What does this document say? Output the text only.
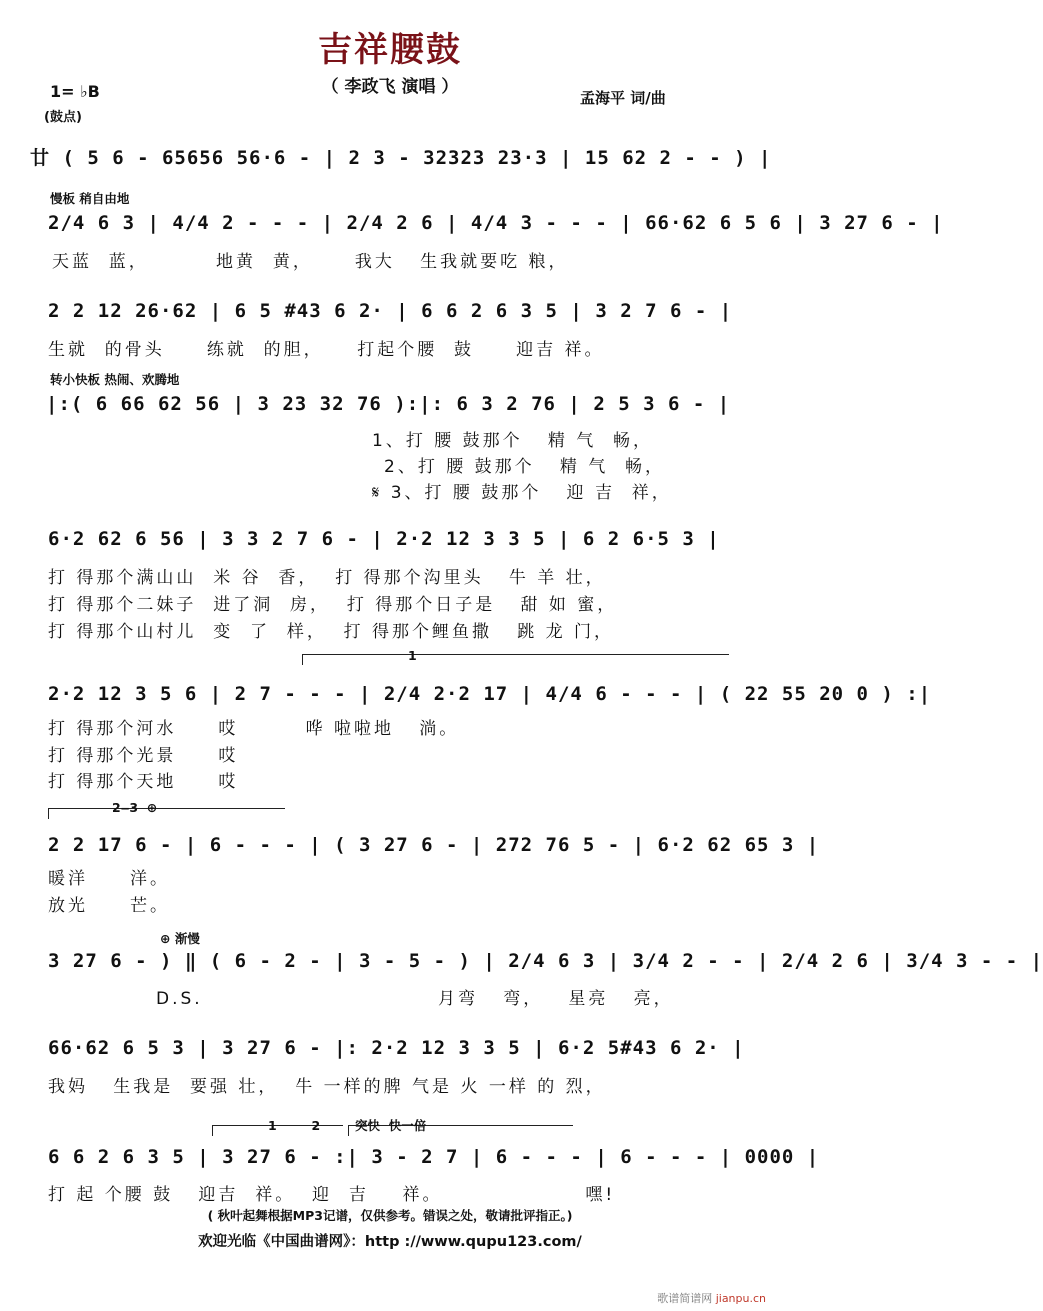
吉祥腰鼓
（ 李政飞 演唱 ）
1= ♭B
(鼓点)
孟海平 词/曲
廿 ( 5 6 - 65656 56·6 - | 2 3 - 32323 23·3 | 15 62 2 - - ) |
慢板 稍自由地
2/4 6 3 | 4/4 2 - - - | 2/4 2 6 | 4/4 3 - - - | 66·62 6 5 6 | 3 27 6 - |
天蓝  蓝，        地黄  黄，     我大   生我就要吃 粮，
2 2 12 26·62 | 6 5 #43 6 2· | 6 6 2 6 3 5 | 3 2 7 6 - |
生就  的骨头     练就  的胆，    打起个腰  鼓     迎吉 祥。
转小快板 热闹、欢腾地
|:( 6 66 62 56 | 3 23 32 76 ):|: 6 3 2 76 | 2 5 3 6 - |
1、打 腰 鼓那个   精 气  畅，
2、打 腰 鼓那个   精 气  畅，
𝄋 3、打 腰 鼓那个   迎 吉  祥，
6·2 62 6 56 | 3 3 2 7 6 - | 2·2 12 3 3 5 | 6 2 6·5 3 |
打 得那个满山山  米 谷  香，  打 得那个沟里头   牛 羊 壮，
打 得那个二妹子  进了洞  房，  打 得那个日子是   甜 如 蜜，
打 得那个山村儿  变  了  样，  打 得那个鲤鱼撒   跳 龙 门，
1
2·2 12 3 5 6 | 2 7 - - - | 2/4 2·2 17 | 4/4 6 - - - | ( 22 55 20 0 ) :|
打 得那个河水     哎        哗 啦啦地   淌。
打 得那个光景     哎
打 得那个天地     哎
2‒3  ⊕
2 2 17 6 - | 6 - - - | ( 3 27 6 - | 272 76 5 - | 6·2 62 65 3 |
暖洋     洋。
放光     芒。
⊕ 渐慢
3 27 6 - ) ‖ ( 6 - 2 - | 3 - 5 - ) | 2/4 6 3 | 3/4 2 - - | 2/4 2 6 | 3/4 3 - - |
D.S.                            月弯   弯，   星亮   亮，
66·62 6 5 3 | 3 27 6 - |: 2·2 12 3 3 5 | 6·2 5#43 6 2· |
我妈   生我是  要强 壮，  牛 一样的脾 气是 火 一样 的 烈，
1        2        突快  快一倍
6 6 2 6 3 5 | 3 27 6 - :| 3 - 2 7 | 6 - - - | 6 - - - | 0000 |
打 起 个腰 鼓   迎吉  祥。  迎  吉    祥。                 嘿!
( 秋叶起舞根据MP3记谱，仅供参考。错误之处，敬请批评指正。)
欢迎光临《中国曲谱网》：http ://www.qupu123.com/
歌谱简谱网 jianpu.cn
